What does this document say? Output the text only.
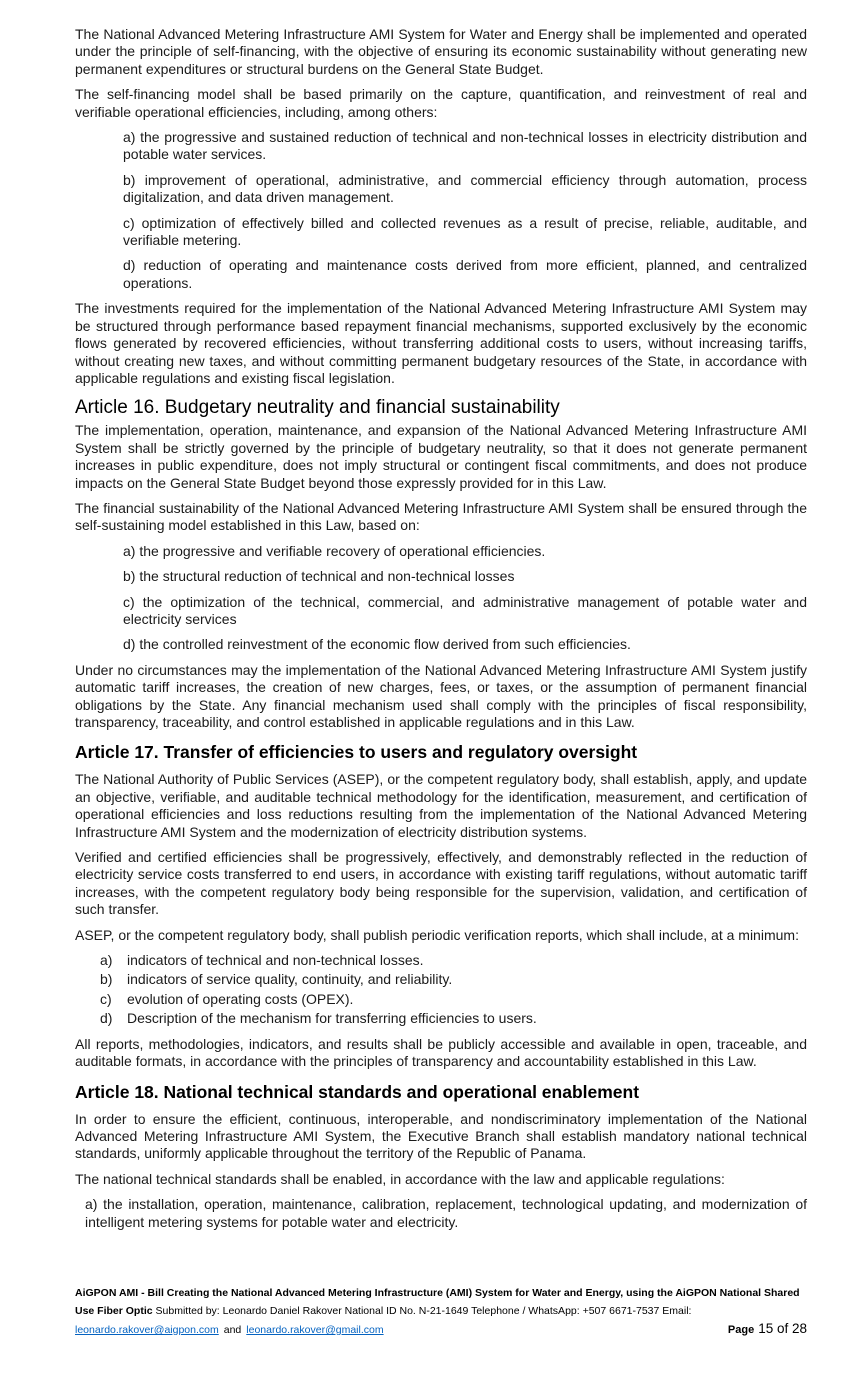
The National Advanced Metering Infrastructure AMI System for Water and Energy shall be implemented and operated under the principle of self-financing, with the objective of ensuring its economic sustainability without generating new permanent expenditures or structural burdens on the General State Budget.

The self-financing model shall be based primarily on the capture, quantification, and reinvestment of real and verifiable operational efficiencies, including, among others:

a) the progressive and sustained reduction of technical and non-technical losses in electricity distribution and potable water services.

b) improvement of operational, administrative, and commercial efficiency through automation, process digitalization, and data driven management.

c) optimization of effectively billed and collected revenues as a result of precise, reliable, auditable, and verifiable metering.

d) reduction of operating and maintenance costs derived from more efficient, planned, and centralized operations.

The investments required for the implementation of the National Advanced Metering Infrastructure AMI System may be structured through performance based repayment financial mechanisms, supported exclusively by the economic flows generated by recovered efficiencies, without transferring additional costs to users, without increasing tariffs, without creating new taxes, and without committing permanent budgetary resources of the State, in accordance with applicable regulations and existing fiscal legislation.

Article 16. Budgetary neutrality and financial sustainability

The implementation, operation, maintenance, and expansion of the National Advanced Metering Infrastructure AMI System shall be strictly governed by the principle of budgetary neutrality, so that it does not generate permanent increases in public expenditure, does not imply structural or contingent fiscal commitments, and does not produce impacts on the General State Budget beyond those expressly provided for in this Law.

The financial sustainability of the National Advanced Metering Infrastructure AMI System shall be ensured through the self-sustaining model established in this Law, based on:

a) the progressive and verifiable recovery of operational efficiencies.

b) the structural reduction of technical and non-technical losses

c) the optimization of the technical, commercial, and administrative management of potable water and electricity services

d) the controlled reinvestment of the economic flow derived from such efficiencies.

Under no circumstances may the implementation of the National Advanced Metering Infrastructure AMI System justify automatic tariff increases, the creation of new charges, fees, or taxes, or the assumption of permanent financial obligations by the State. Any financial mechanism used shall comply with the principles of fiscal responsibility, transparency, traceability, and control established in applicable regulations and in this Law.

Article 17. Transfer of efficiencies to users and regulatory oversight

The National Authority of Public Services (ASEP), or the competent regulatory body, shall establish, apply, and update an objective, verifiable, and auditable technical methodology for the identification, measurement, and certification of operational efficiencies and loss reductions resulting from the implementation of the National Advanced Metering Infrastructure AMI System and the modernization of electricity distribution systems.

Verified and certified efficiencies shall be progressively, effectively, and demonstrably reflected in the reduction of electricity service costs transferred to end users, in accordance with existing tariff regulations, without automatic tariff increases, with the competent regulatory body being responsible for the supervision, validation, and certification of such transfer.

ASEP, or the competent regulatory body, shall publish periodic verification reports, which shall include, at a minimum:

a)	indicators of technical and non-technical losses.
b)	indicators of service quality, continuity, and reliability.
c)	evolution of operating costs (OPEX).
d)	Description of the mechanism for transferring efficiencies to users.

All reports, methodologies, indicators, and results shall be publicly accessible and available in open, traceable, and auditable formats, in accordance with the principles of transparency and accountability established in this Law.

Article 18. National technical standards and operational enablement

In order to ensure the efficient, continuous, interoperable, and nondiscriminatory implementation of the National Advanced Metering Infrastructure AMI System, the Executive Branch shall establish mandatory national technical standards, uniformly applicable throughout the territory of the Republic of Panama.

The national technical standards shall be enabled, in accordance with the law and applicable regulations:

a) the installation, operation, maintenance, calibration, replacement, technological updating, and modernization of intelligent metering systems for potable water and electricity.

AiGPON AMI - Bill Creating the National Advanced Metering Infrastructure (AMI) System for Water and Energy, using the AiGPON National Shared Use Fiber Optic Submitted by: Leonardo Daniel Rakover National ID No. N-21-1649 Telephone / WhatsApp: +507 6671-7537 Email:

leonardo.rakover@aigpon.com and leonardo.rakover@gmail.com	Page 15 of 28
